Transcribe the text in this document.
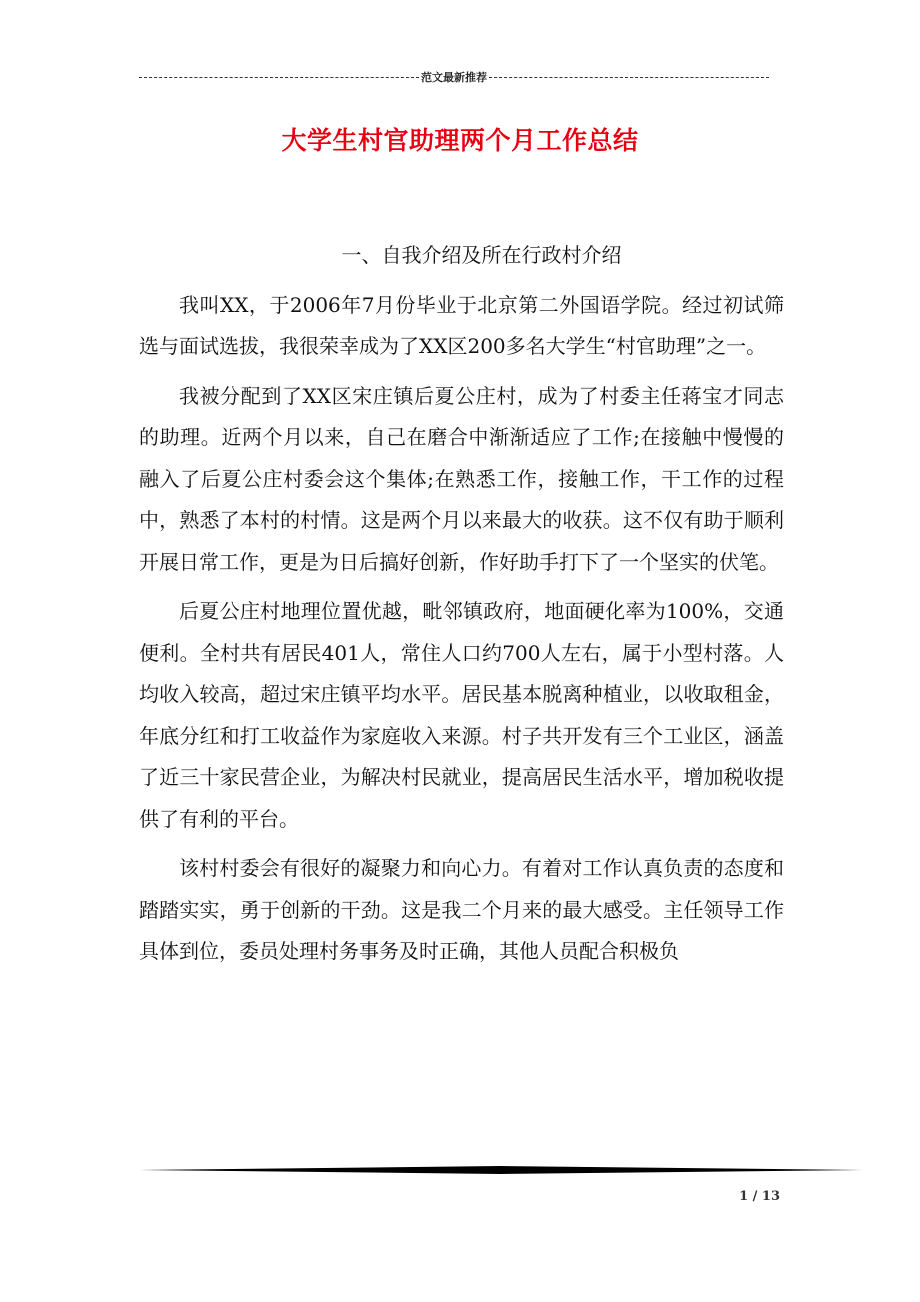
范文最新推荐
大学生村官助理两个月工作总结

一、自我介绍及所在行政村介绍

我叫XX，于2006年7月份毕业于北京第二外国语学院。经过初试筛选与面试选拔，我很荣幸成为了XX区200多名大学生“村官助理”之一。

我被分配到了XX区宋庄镇后夏公庄村，成为了村委主任蒋宝才同志的助理。近两个月以来，自己在磨合中渐渐适应了工作;在接触中慢慢的融入了后夏公庄村委会这个集体;在熟悉工作，接触工作，干工作的过程中，熟悉了本村的村情。这是两个月以来最大的收获。这不仅有助于顺利开展日常工作，更是为日后搞好创新，作好助手打下了一个坚实的伏笔。

后夏公庄村地理位置优越，毗邻镇政府，地面硬化率为100%，交通便利。全村共有居民401人，常住人口约700人左右，属于小型村落。人均收入较高，超过宋庄镇平均水平。居民基本脱离种植业，以收取租金，年底分红和打工收益作为家庭收入来源。村子共开发有三个工业区，涵盖了近三十家民营企业，为解决村民就业，提高居民生活水平，增加税收提供了有利的平台。

该村村委会有很好的凝聚力和向心力。有着对工作认真负责的态度和踏踏实实，勇于创新的干劲。这是我二个月来的最大感受。主任领导工作具体到位，委员处理村务事务及时正确，其他人员配合积极负

1 / 13
